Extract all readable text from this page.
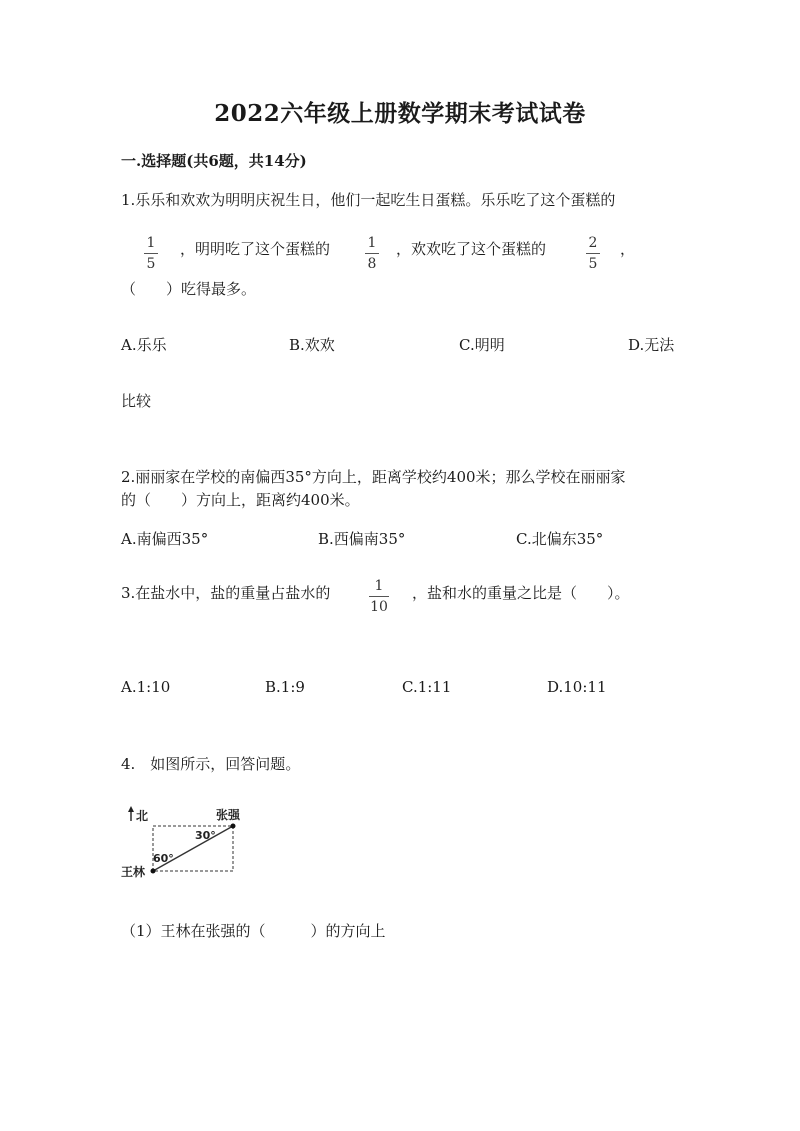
2022六年级上册数学期末考试试卷
一.选择题(共6题，共14分)
1.乐乐和欢欢为明明庆祝生日，他们一起吃生日蛋糕。乐乐吃了这个蛋糕的
1
5
，明明吃了这个蛋糕的	1
8
，欢欢吃了这个蛋糕的	2
5
，
（　　）吃得最多。
A.乐乐	B.欢欢	C.明明	D.无法
比较
2.丽丽家在学校的南偏西35°方向上，距离学校约400米；那么学校在丽丽家
的（　　）方向上，距离约400米。
A.南偏西35°	B.西偏南35°	C.北偏东35°
3.在盐水中，盐的重量占盐水的	1
10
，盐和水的重量之比是（　　）。
A.1:10	B.1:9	C.1:11	D.10:11
4.　如图所示，回答问题。
北	张强
王林
30°
60°
（1）王林在张强的（　　　）的方向上
